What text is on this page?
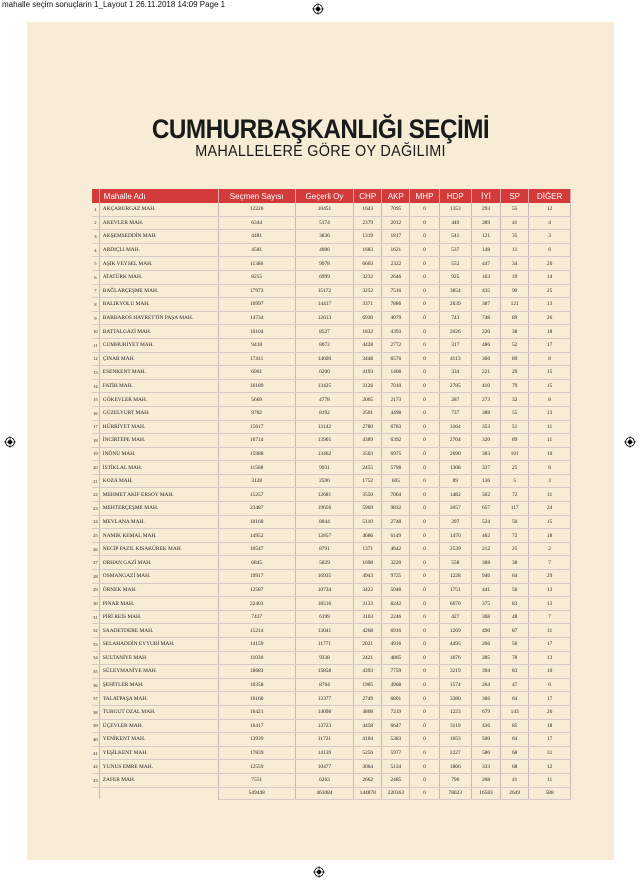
mahalle seçim sonuçlarin 1_Layout 1 26.11.2018 14:09 Page 1
CUMHURBAŞKANLIĞI SEÇİMİ
MAHALLELERE GÖRE OY DAĞILIMI
	Mahalle Adı	Seçmen Sayısı	Geçerli Oy	CHP	AKP	MHP	HDP	İYİ	SP	DİĞER
1	AKÇABURGAZ MAH.	12226	10451	1643	7095	0	1353	293	55	12
2	AKEVLER MAH.	6344	5174	2379	2012	0	449	289	41	4
3	AKŞEMSEDDİN MAH.	4481	3836	1319	1817	0	541	121	35	3
4	ARDIÇLI MAH.	4581	4006	1683	1621	0	537	148	11	6
5	AŞIK VEYSEL MAH.	11386	9978	6603	2322	0	552	447	34	20
6	ATATÜRK MAH.	8255	6999	3232	2646	0	925	163	19	14
7	BAĞLARÇEŞME MAH.	17973	15172	3252	7516	0	3854	435	90	25
8	BALIKYOLU MAH.	16997	14417	3371	7886	0	2639	387	121	13
9	BARBAROS HAYRETTİN PAŞA MAH.	14734	12613	6930	4079	0	743	748	89	26
10	BATTALGAZİ MAH.	10104	8527	1832	4393	0	2026	220	38	18
11	CUMHURİYET MAH.	9418	8072	4428	2772	0	317	486	52	17
12	ÇINAR MAH.	17411	14600	3448	6576	0	4113	366	89	8
13	ESENKENT MAH.	6961	6200	4193	1408	0	334	221	29	15
14	FATİH MAH.	16189	13425	3126	7010	0	2785	410	79	15
15	GÖKEVLER MAH.	5669	4778	2005	2173	0	287	273	32	8
16	GÜZELYURT MAH.	9782	8192	2501	4498	0	737	388	55	13
17	HÜRRİYET MAH.	15617	13142	2780	6783	0	3164	353	51	11
18	İNCİRTEPE MAH.	16714	13905	4389	6392	0	2704	320	89	11
19	İNÖNÜ MAH.	15988	13462	3503	6975	0	2690	383	101	10
20	İSTİKLAL MAH.	11568	9931	2455	5798	0	1308	337	25	8
21	KOZA MAH.	3128	2590	1752	605	0	89	136	5	3
22	MEHMET AKİF ERSOY MAH.	15257	12681	3550	7064	0	1482	502	72	11
23	MEHTERÇEŞME MAH.	23487	19656	5969	9832	0	3057	657	117	24
24	MEVLANA MAH.	10160	8844	5110	2748	0	397	524	50	15
25	NAMIK KEMAL MAH.	14952	12857	4686	6149	0	1470	462	72	18
26	NECİP FAZIL KISAKÜREK MAH.	10547	8791	1371	4642	0	2539	212	25	2
27	ORHAN GAZİ MAH.	6845	5829	1698	3220	0	558	308	38	7
28	OSMANGAZİ MAH.	19917	16935	4943	9725	0	1228	946	64	29
29	ÖRNEK MAH.	12587	10734	3422	5048	0	1751	441	56	13
30	PINAR MAH.	22403	18516	3133	8242	0	6670	375	83	13
31	PİRİ REİS MAH.	7437	6199	3103	2246	0	427	368	48	7
32	SAADETDERE MAH.	15214	13041	4268	6916	0	1269	490	87	11
33	SELAHADDİN EYYUBİ MAH.	14159	11771	2021	4916	0	4495	266	56	17
34	SULTANİYE MAH.	11030	9338	2421	4865	0	1676	285	78	13
35	SÜLEYMANİYE MAH.	18683	15858	4393	7759	0	3219	394	83	10
36	ŞEHİTLER MAH.	10358	8764	1905	4968	0	1574	264	47	6
37	TALATPAŞA MAH.	16160	13377	2749	6801	0	3380	366	64	17
38	TURGUT OZAL MAH.	16421	14098	4808	7219	0	1223	679	143	26
39	ÜÇEVLER MAH.	16417	13723	4458	6647	0	3119	436	85	18
40	YENİKENT MAH.	13939	11721	4104	5383	0	1653	500	64	17
41	YEŞİLKENT MAH.	17839	14139	5256	5977	0	2227	580	68	31
42	YUNUS EMRE MAH.	12559	10477	3064	5134	0	1866	333	68	12
43	ZAFER MAH.	7551	6263	2662	2485	0	796	268	41	11
		549448	463084	144878	220363	0	78023	16583	2649	588
